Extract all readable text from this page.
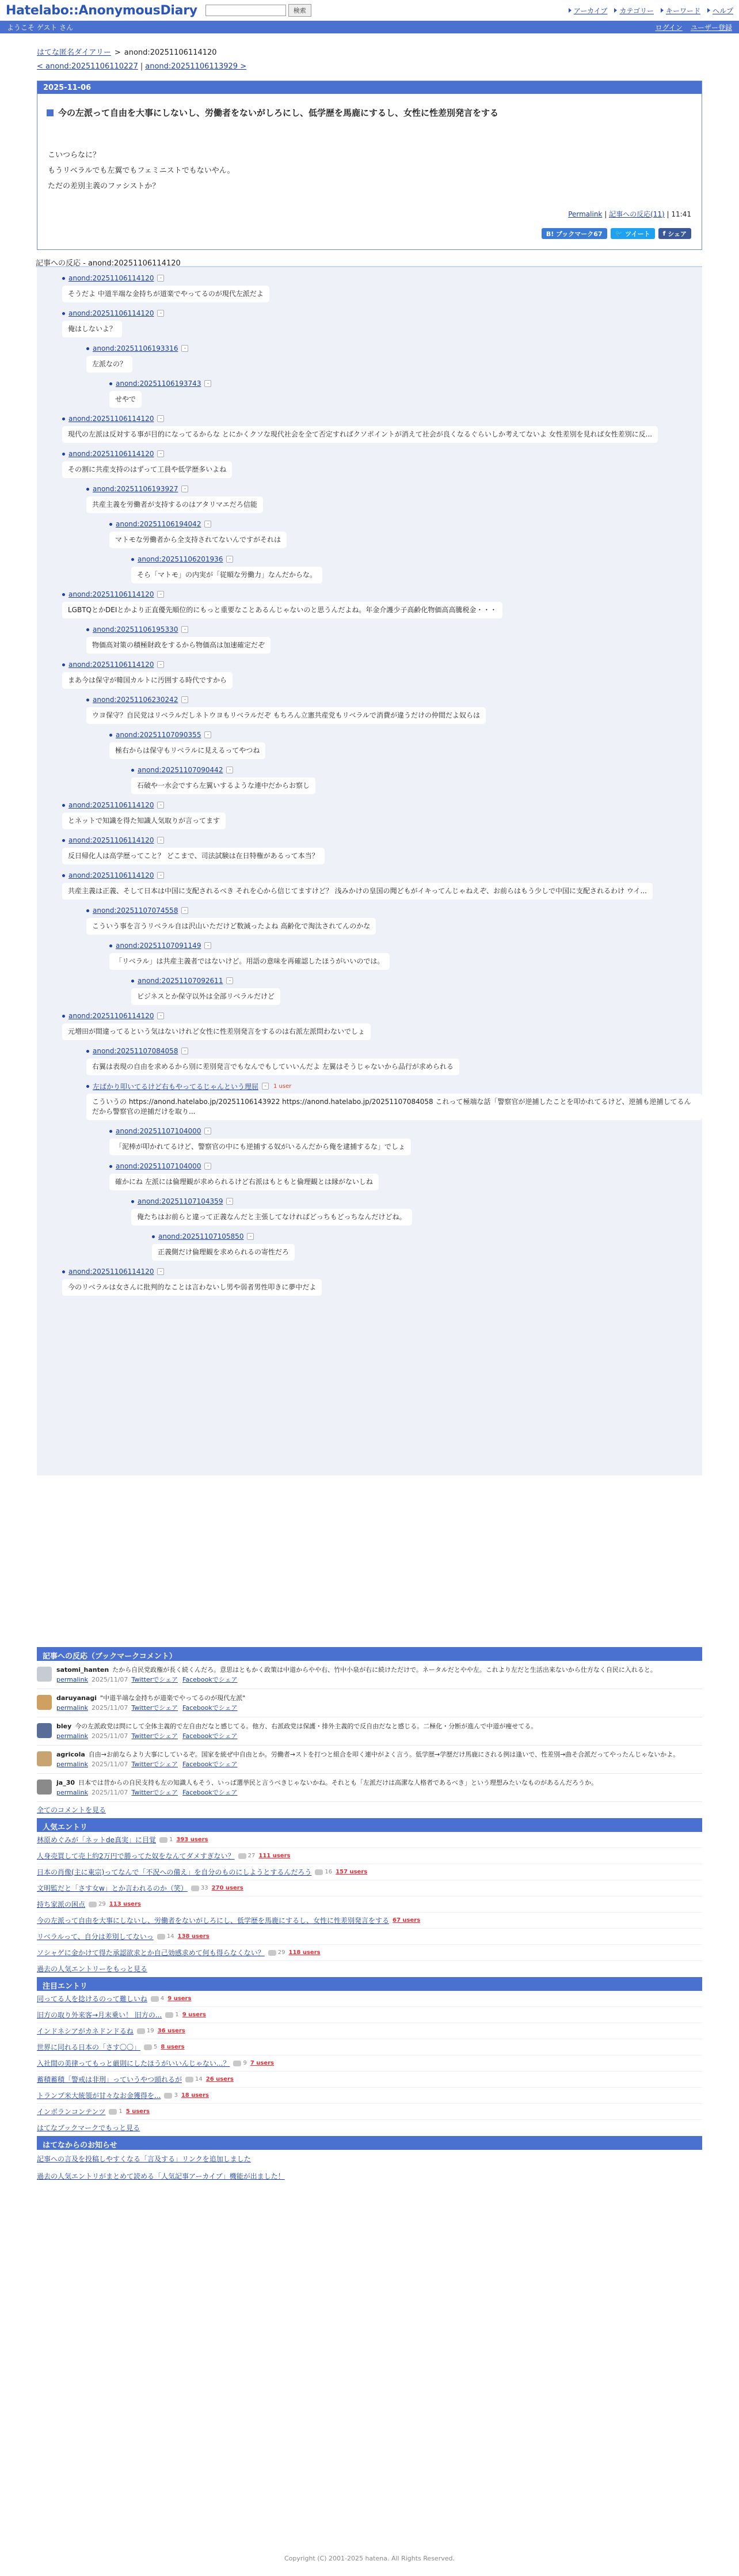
Hatelabo::AnonymousDiary	検索	アーカイブ カテゴリー キーワード ヘルプ
ようこそ ゲスト さん	ログイン ユーザー登録
はてな匿名ダイアリー > anond:20251106114120
< anond:20251106110227 | anond:20251106113929 >
2025-11-06
今の左派って自由を大事にしないし、労働者をないがしろにし、低学歴を馬鹿にするし、女性に性差別発言をする
こいつらなに？
もうリベラルでも左翼でもフェミニストでもないやん。
ただの差別主義のファシストか？
Permalink | 記事への反応(11) | 11:41
B! ブックマーク67	🐦 ツイート f シェア
記事への反応 - anond:20251106114120
anond:20251106114120	-
そうだよ 中道半端な金持ちが道楽でやってるのが現代左派だよ
anond:20251106114120	-
俺はしないよ？
anond:20251106193316	-
左派なの？
anond:20251106193743	-
せやで
anond:20251106114120	-
現代の左派は反対する事が目的になってるからな とにかくクソな現代社会を全て否定すればクソポイントが消えて社会が良くなるぐらいしか考えてないよ 女性差別を見れば女性差別に反...
anond:20251106114120	-
その割に共産支持のはずって工員や低学歴多いよね
anond:20251106193927	-
共産主義を労働者が支持するのはアタリマエだろ信能
anond:20251106194042	-
マトモな労働者から全支持されてないんですがそれは
anond:20251106201936	-
そら「マトモ」の内実が「従順な労働力」なんだからな。
anond:20251106114120	-
LGBTQとかDEIとかより正直優先順位的にもっと重要なことあるんじゃないのと思うんだよね。年金介護少子高齢化物価高高騰税金・・・
anond:20251106195330	-
物価高対策の積極財政をするから物価高は加速確定だぞ
anond:20251106114120	-
まあ今は保守が韓国カルトに汚囲する時代ですから
anond:20251106230242	-
ウヨ保守？自民党はリベラルだしネトウヨもリベラルだぞ もちろん立憲共産党もリベラルで消費が違うだけの仲間だよ奴らは
anond:20251107090355	-
極右からは保守もリベラルに見えるってやつね
anond:20251107090442	-
石破や一水会ですら左翼いするような連中だからお察し
anond:20251106114120	-
とネットで知識を得た知識人気取りが言ってます
anond:20251106114120	-
反日帰化人は高学歴ってこと？ どこまで、司法試験は在日特権があるって本当？
anond:20251106114120	-
共産主義は正義、そして日本は中国に支配されるべき それを心から信じてますけど？ 浅みかけの皇国の聞どもがイキってんじゃねえぞ、お前らはもう少しで中国に支配されるわけ ウイ...
anond:20251107074558	-
こういう事を言うリベラル自は沢山いただけど数減ったよね 高齢化で淘汰されてんのかな
anond:20251107091149	-
「リベラル」は共産主義者ではないけど。用語の意味を再確認したほうがいいのでは。
anond:20251107092611	-
ビジネスとか保守以外は全部リベラルだけど
anond:20251106114120	-
元増田が間違ってるという気はないけれど女性に性差別発言をするのは右派左派問わないでしょ
anond:20251107084058	-
右翼は表現の自由を求めるから別に差別発言でもなんでもしていいんだよ 左翼はそうじゃないから品行が求められる
左ばかり叩いてるけど右もやってるじゃんという理屈	-	1 user
こういうの https://anond.hatelabo.jp/20251106143922 https://anond.hatelabo.jp/20251107084058 これって極端な話「警察官が逆捕したことを叩かれてるけど、逆捕も逆捕してるんだから警察官の逆捕だけを取り...
anond:20251107104000	-
「泥棒が叩かれてるけど、警察官の中にも逆捕する奴がいるんだから俺を逮捕するな」でしょ
anond:20251107104000	-
確かにね 左派には倫理観が求められるけど右派はもともと倫理観とは縁がないしね
anond:20251107104359	-
俺たちはお前らと違って正義なんだと主張してなければどっちもどっちなんだけどね。
anond:20251107105850	-
正義側だけ倫理観を求められるの寄性だろ
anond:20251106114120	-
今のリベラルは女さんに批判的なことは言わないし男や弱者男性叩きに夢中だよ
記事への反応（ブックマークコメント）
satomi_hanten たから自民党政権が長く続くんだろ。意思はともかく政策は中道からやや右、竹中小泉が右に続けただけで。ネータルだとやや左。これより左だと生活出来ないから仕方なく自民に入れると。
permalink 2025/11/07 Twitterでシェア Facebookでシェア
daruyanagi "中道半端な金持ちが道楽でやってるのが現代左派"
permalink 2025/11/07 Twitterでシェア Facebookでシェア
bley 今の左派政党は問にして全体主義的で左自由だなと感じてる。他方、右派政党は保護・排外主義的で反自由だなと感じる。二極化・分断が進んで中道が痩せてる。
permalink 2025/11/07 Twitterでシェア Facebookでシェア
agricola 自由→お前ならより大事にしているぞ。国家を統ぜ中自由とか。労働者→ストを打つと組合を叩く連中がよく言う。低学歴→学歴だけ馬鹿にされる例は逢いで、性差別→曲そ合派だってやったんじゃないかよ。
permalink 2025/11/07 Twitterでシェア Facebookでシェア
ja_30 日本では昔からの自民支持も左の知識人もそう、いっぱ選挙民と言うべきじゃないかね。それとも「左派だけは高潔な人格者であるべき」という理想みたいなものがあるんだろうか。
permalink 2025/11/07 Twitterでシェア Facebookでシェア
全てのコメントを見る
人気エントリ
林原めぐみが「ネットde真実」に目覚 1 393 users
人身売買して売上約2万円で勝ってた奴をなんてダメすぎない？ 27 111 users
日本の肖像(主に東宗)ってなんで「不況への備え」を自分のものにしようとするんだろう 16 157 users
文明監だと「さす女w」とか言われるのか（笑） 33 270 users
持ち家派の困点 29 113 users
今の左派って自由を大事にしないし、労働者をないがしろにし、低学歴を馬鹿にするし、女性に性差別発言をする 67 users
リベラルって、自分は差別してないっ 14 138 users
ソシャゲに金かけて得た承認欲求とか自己効感求めて何も得らなくない？ 29 118 users
過去の人気エントリーをもっと見る
注目エントリ
同ってる人を捻けるのって難しいね 4 9 users
旧方の取り外来客→月末乗い！ 旧方の... 1 9 users
インドネシアがカネドンドるね 19 36 users
世界に同れる日本の「さす〇〇」 5 8 users
入社間の美律ってもっと厳則にしたほうがいいんじゃない...？ 9 7 users
蓄積蓄積「警戒は非刑」っていうやつ頭れるが 14 26 users
トランプ米大統領が甘々なお金獲得を... 3 18 users
インボランコンテンツ 1 5 users
はてなブックマークでもっと見る
はてなからのお知らせ
記事への言及を投稿しやすくなる「言及する」リンクを追加しました
過去の人気エントリがまとめて読める「人気記事アーカイブ」機能が出ました！
Copyright (C) 2001-2025 hatena. All Rights Reserved.
